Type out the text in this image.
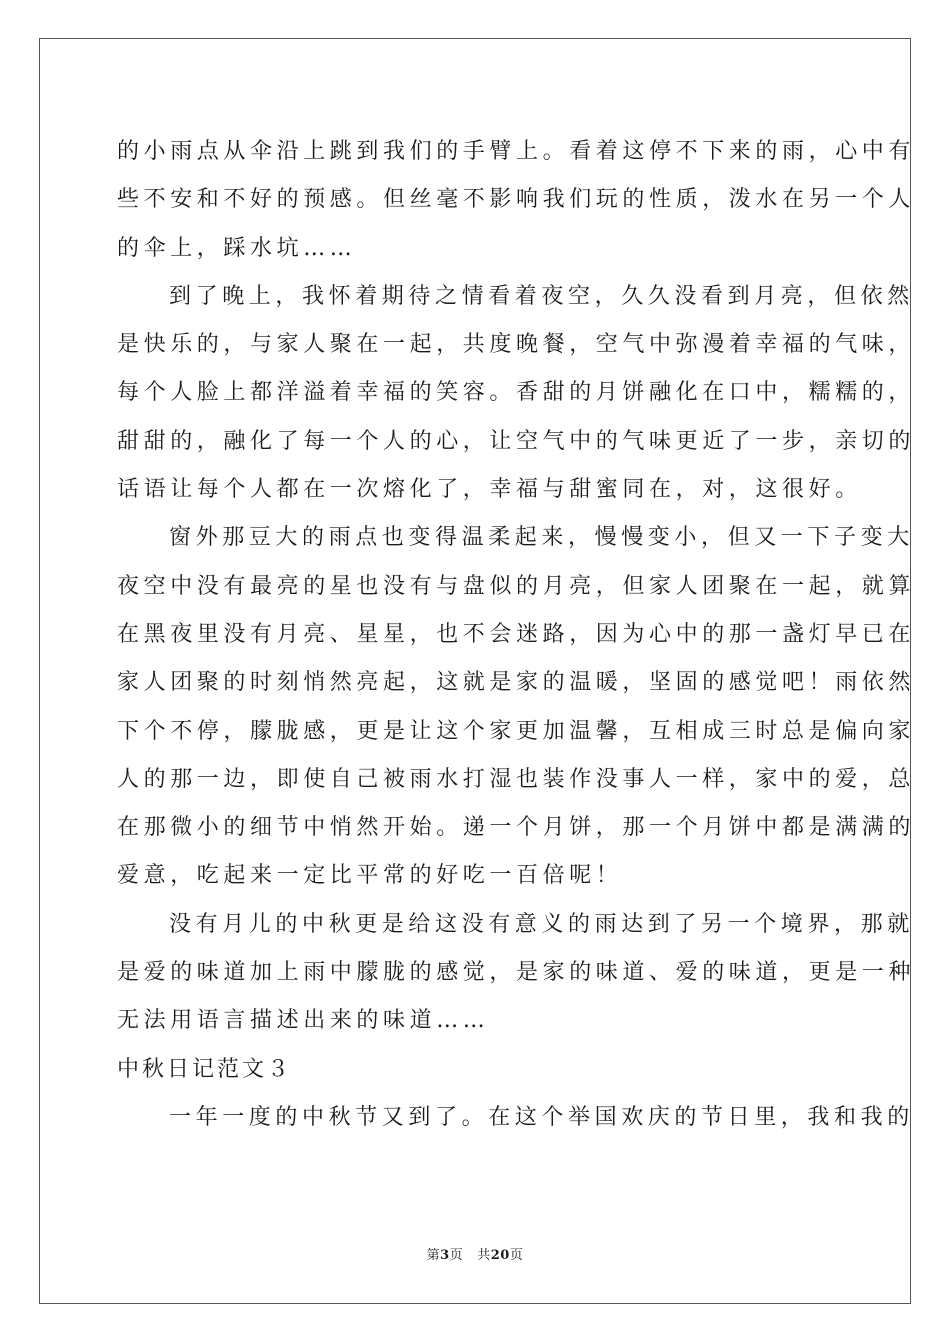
的小雨点从伞沿上跳到我们的手臂上。看着这停不下来的雨，心中有
些不安和不好的预感。但丝毫不影响我们玩的性质，泼水在另一个人
的伞上，踩水坑……
到了晚上，我怀着期待之情看着夜空，久久没看到月亮，但依然
是快乐的，与家人聚在一起，共度晚餐，空气中弥漫着幸福的气味，
每个人脸上都洋溢着幸福的笑容。香甜的月饼融化在口中，糯糯的，
甜甜的，融化了每一个人的心，让空气中的气味更近了一步，亲切的
话语让每个人都在一次熔化了，幸福与甜蜜同在，对，这很好。
窗外那豆大的雨点也变得温柔起来，慢慢变小，但又一下子变大
夜空中没有最亮的星也没有与盘似的月亮，但家人团聚在一起，就算
在黑夜里没有月亮、星星，也不会迷路，因为心中的那一盏灯早已在
家人团聚的时刻悄然亮起，这就是家的温暖，坚固的感觉吧！雨依然
下个不停，朦胧感，更是让这个家更加温馨，互相成三时总是偏向家
人的那一边，即使自己被雨水打湿也装作没事人一样，家中的爱，总
在那微小的细节中悄然开始。递一个月饼，那一个月饼中都是满满的
爱意，吃起来一定比平常的好吃一百倍呢！
没有月儿的中秋更是给这没有意义的雨达到了另一个境界，那就
是爱的味道加上雨中朦胧的感觉，是家的味道、爱的味道，更是一种
无法用语言描述出来的味道……
中秋日记范文３
一年一度的中秋节又到了。在这个举国欢庆的节日里，我和我的
第3页 共20页
